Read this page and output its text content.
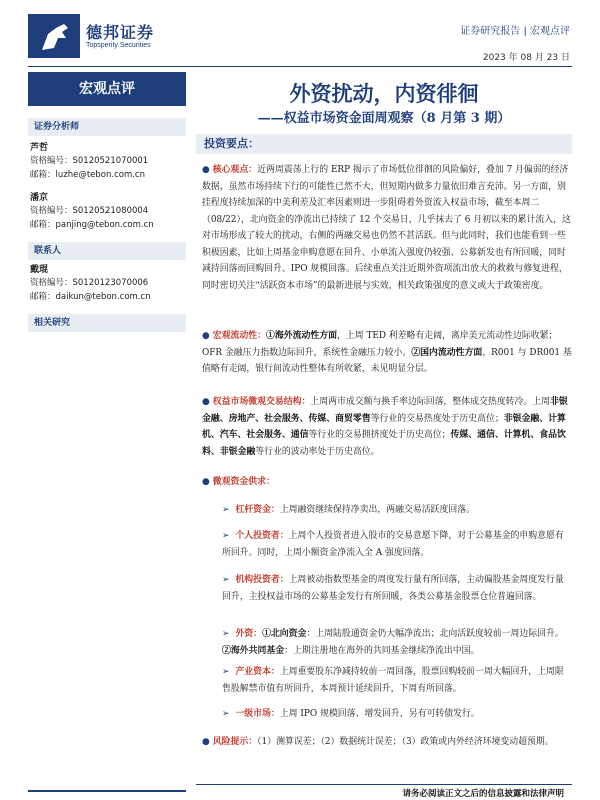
德邦证券
Topsperity Securities
证券研究报告 | 宏观点评
2023 年 08 月 23 日
宏观点评
证券分析师
芦哲
资格编号：S0120521070001
邮箱：luzhe@tebon.com.cn
潘京
资格编号：S0120521080004
邮箱：panjing@tebon.com.cn
联系人
戴琨
资格编号：S0120123070006
邮箱：daikun@tebon.com.cn
相关研究
外资扰动，内资徘徊
——权益市场资金面周观察（8 月第 3 期）
投资要点：
● 核心观点：近两周震荡上行的 ERP 揭示了市场低位徘徊的风险偏好，叠加 7 月偏弱的经济数据，虽然市场持续下行的可能性已然不大，但短期内做多力量依旧难言充沛。另一方面，别挂程度持续加深的中美利差及汇率因素则进一步阻碍着外资流入权益市场，截至本周二（08/22），北向资金的净流出已持续了 12 个交易日，几乎抹去了 6 月初以来的累计流入，这对市场形成了较大的扰动，右侧的两融交易也仍然不甚活跃。但与此同时，我们也能看到一些积极因素，比如上周基金申购意愿在回升、小单流入强度仍较强、公募新发也有所回暖，同时减持回落而回购回升、IPO 规模回落。后续重点关注近期外资项流出放大的救救与修复进程，同时密切关注“活跃资本市场”的最新进展与实效，相关政策强度的意义或大于政策密度。
● 宏观流动性：①海外流动性方面，上周 TED 利差略有走阔，离岸美元流动性边际收紧；OFR 金融压力指数边际回升，系统性金融压力较小。②国内流动性方面，R001 与 DR001 基值略有走阔，银行间流动性整体有所收紧，未见明显分层。
● 权益市场微观交易结构：上周两市成交额与换手率边际回落，整体成交热度转冷。上周非银金融、房地产、社会服务、传媒、商贸零售等行业的交易热度处于历史高位；非银金融、计算机、汽车、社会服务、通信等行业的交易拥挤度处于历史高位；传媒、通信、计算机、食品饮料、非银金融等行业的波动率处于历史高位。
● 微观资金供求：
➢ 杠杆资金：上周融资继续保持净卖出，两融交易活跃度回落。
➢ 个人投资者：上周个人投资者进入股市的交易意愿下降，对于公募基金的申购意愿有所回升。同时，上周小额资金净流入全 A 强度回落。
➢ 机构投资者：上周被动指数型基金的周度发行量有所回落，主动偏股基金周度发行量回升，主投权益市场的公募基金发行有所回暖，各类公募基金股票仓位普遍回落。
➢ 外资：①北向资金：上周陆股通资金仍大幅净流出；北向活跃度较前一周边际回升。②海外共同基金：上期注册地在海外的共同基金继续净流出中国。
➢ 产业资本：上周重要股东净减持较前一周回落，股票回购较前一周大幅回升，上周限售股解禁市值有所回升，本周预计延续回升，下周有所回落。
➢ 一级市场：上周 IPO 规模回落、增发回升，另有可转债发行。
● 风险提示：（1）测算误差；（2）数据统计误差；（3）政策或内外经济环境变动超预期。
请务必阅读正文之后的信息披露和法律声明
